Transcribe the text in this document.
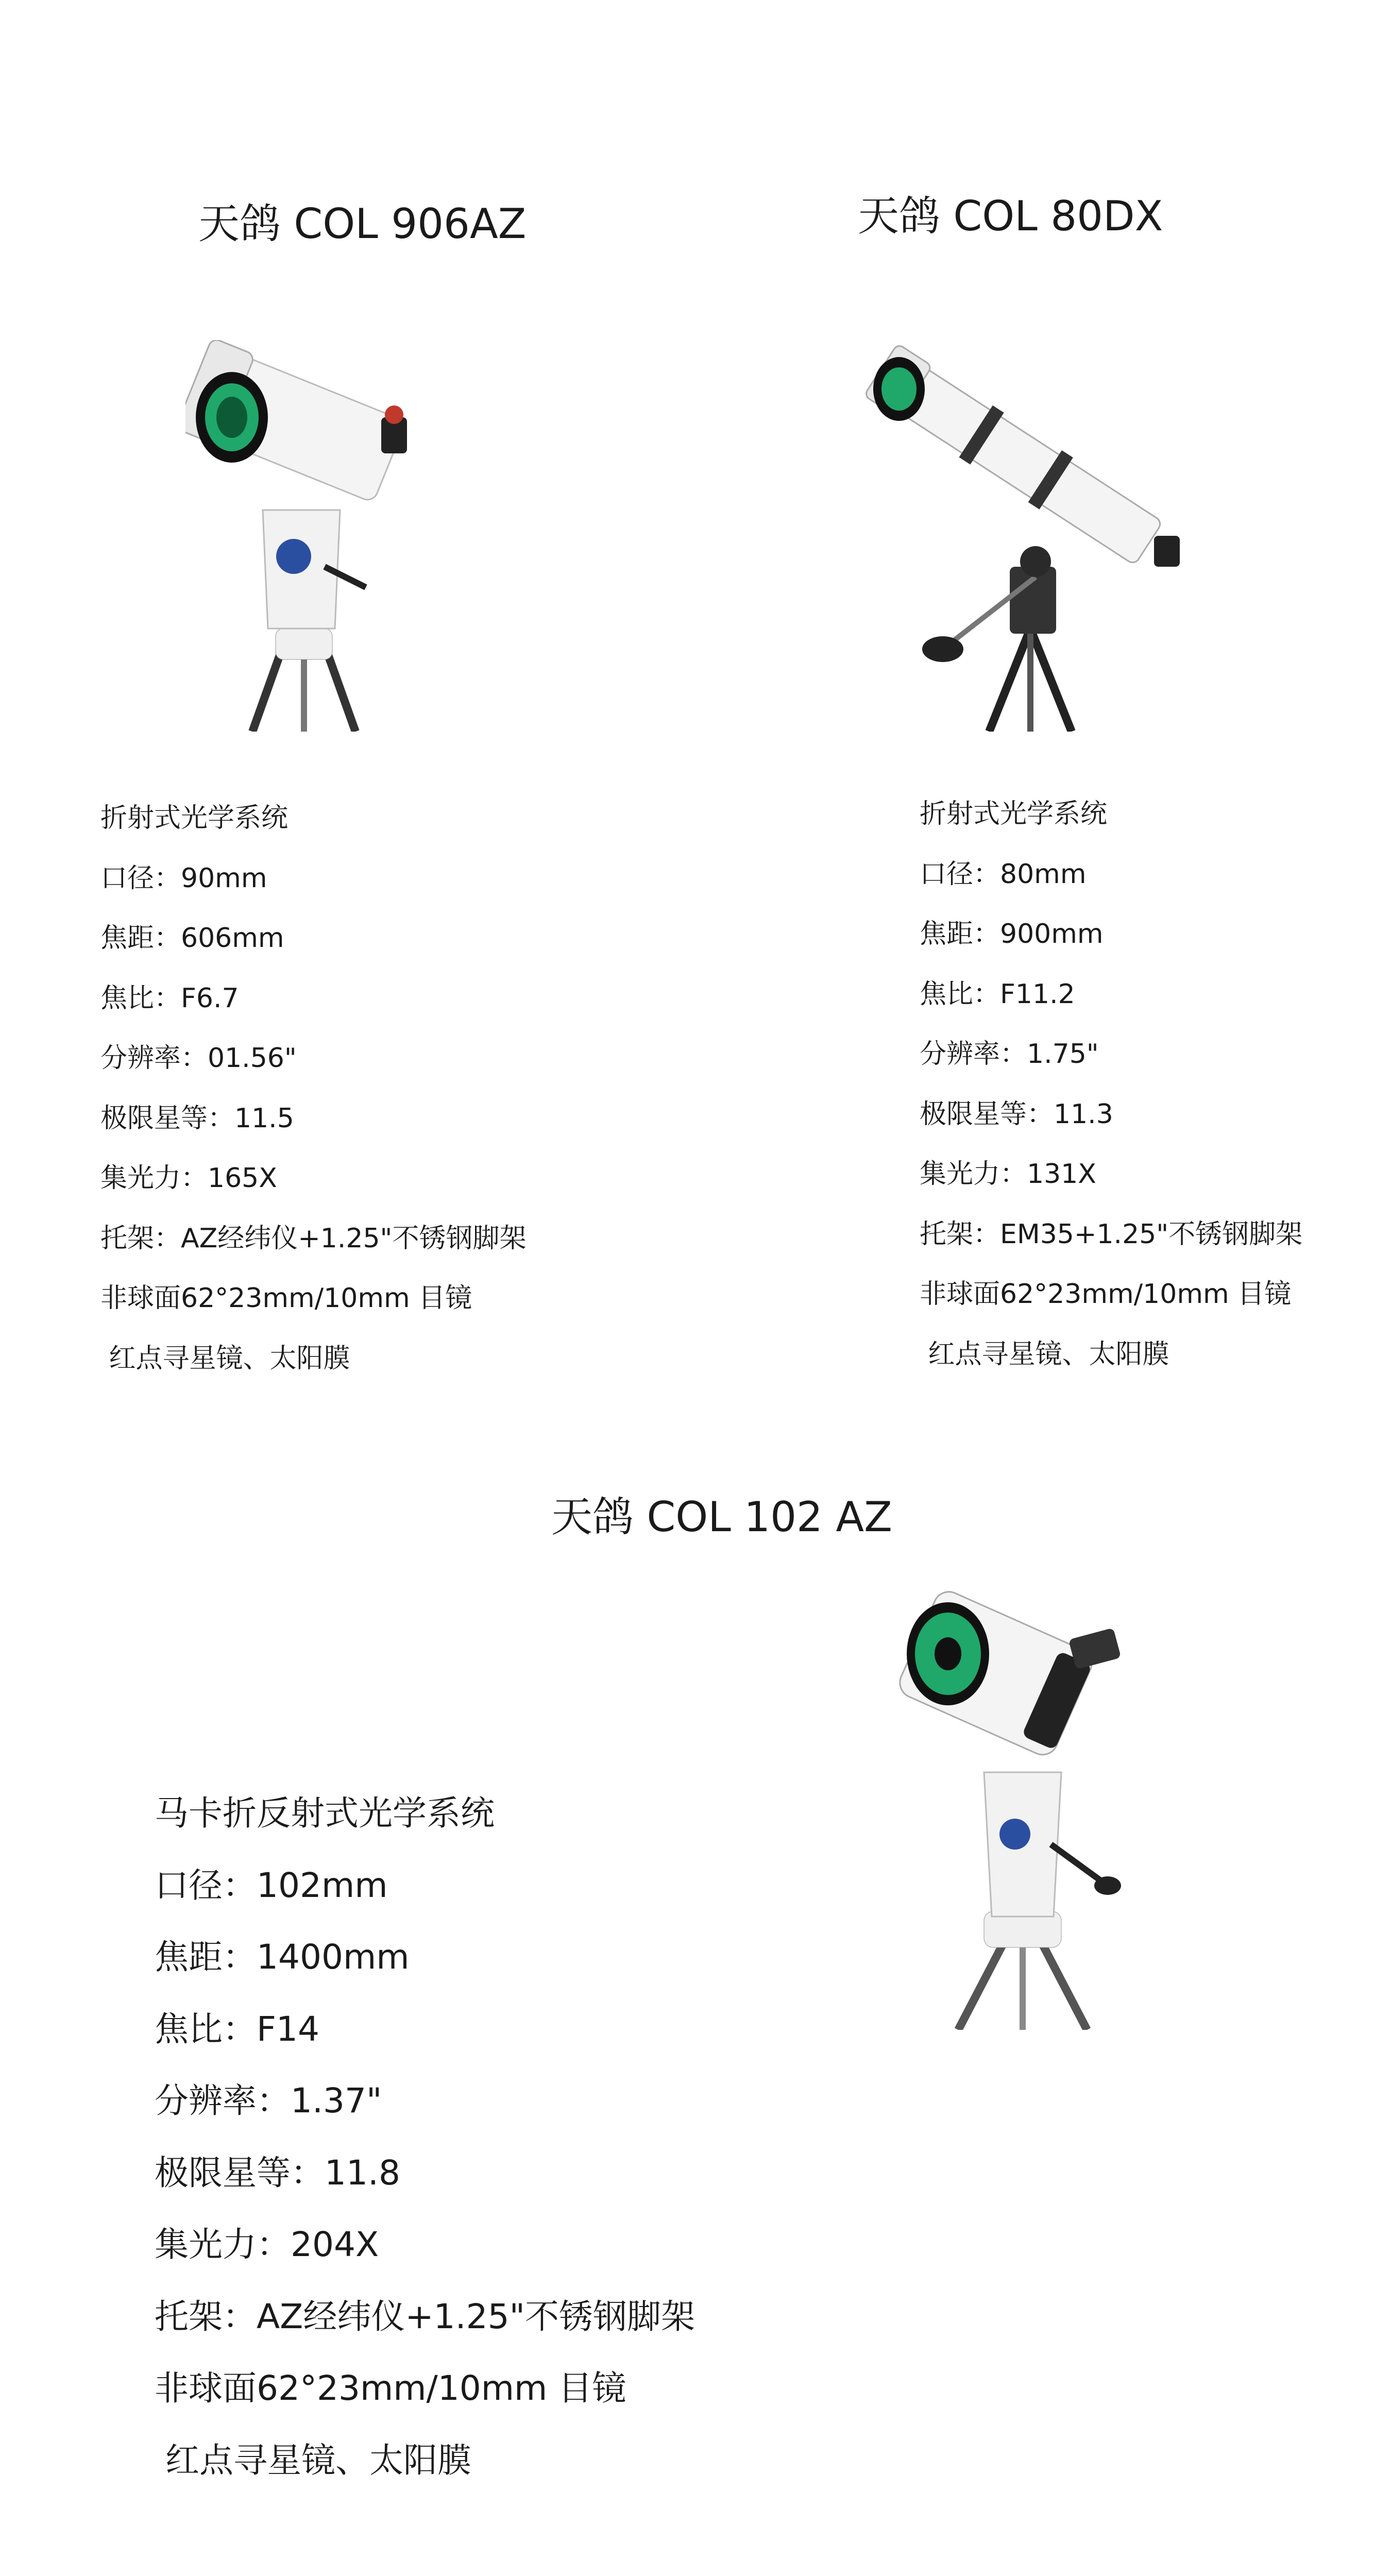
天鸽 COL 906AZ
折射式光学系统
口径：90mm
焦距：606mm
焦比：F6.7
分辨率：01.56"
极限星等：11.5
集光力：165X
托架：AZ经纬仪+1.25"不锈钢脚架
非球面62°23mm/10mm 目镜
红点寻星镜、太阳膜
天鸽 COL 80DX
折射式光学系统
口径：80mm
焦距：900mm
焦比：F11.2
分辨率：1.75"
极限星等：11.3
集光力：131X
托架：EM35+1.25"不锈钢脚架
非球面62°23mm/10mm 目镜
红点寻星镜、太阳膜
天鸽 COL 102 AZ
马卡折反射式光学系统
口径：102mm
焦距：1400mm
焦比：F14
分辨率：1.37"
极限星等：11.8
集光力：204X
托架：AZ经纬仪+1.25"不锈钢脚架
非球面62°23mm/10mm 目镜
红点寻星镜、太阳膜
